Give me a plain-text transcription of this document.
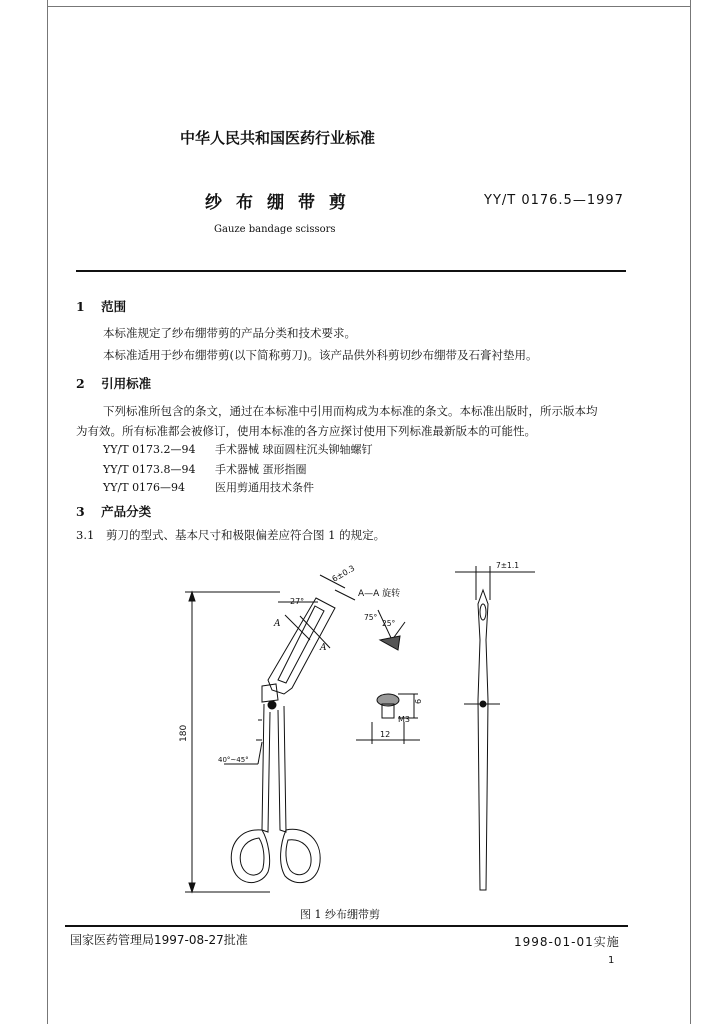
中华人民共和国医药行业标准
纱布绷带剪	YY/T 0176.5—1997
Gauze bandage scissors
1 范围
本标准规定了纱布绷带剪的产品分类和技术要求。
本标准适用于纱布绷带剪(以下简称剪刀)。该产品供外科剪切纱布绷带及石膏衬垫用。
2 引用标准
下列标准所包含的条文，通过在本标准中引用而构成为本标准的条文。本标准出版时，所示版本均
为有效。所有标准都会被修订，使用本标准的各方应探讨使用下列标准最新版本的可能性。
YY/T 0173.2—94 手术器械 球面圆柱沉头铆轴螺钉
YY/T 0173.8—94 手术器械 蛋形指圈
YY/T 0176—94	医用剪通用技术条件
3 产品分类
3.1 剪刀的型式、基本尺寸和极限偏差应符合图 1 的规定。
180
27°
6±0.3
A
A
40°~45°
A—A 旋转
75°
25°
M3
12
6
7±1.1
图 1 纱布绷带剪
国家医药管理局1997-08-27批准	1998-01-01实施
1
